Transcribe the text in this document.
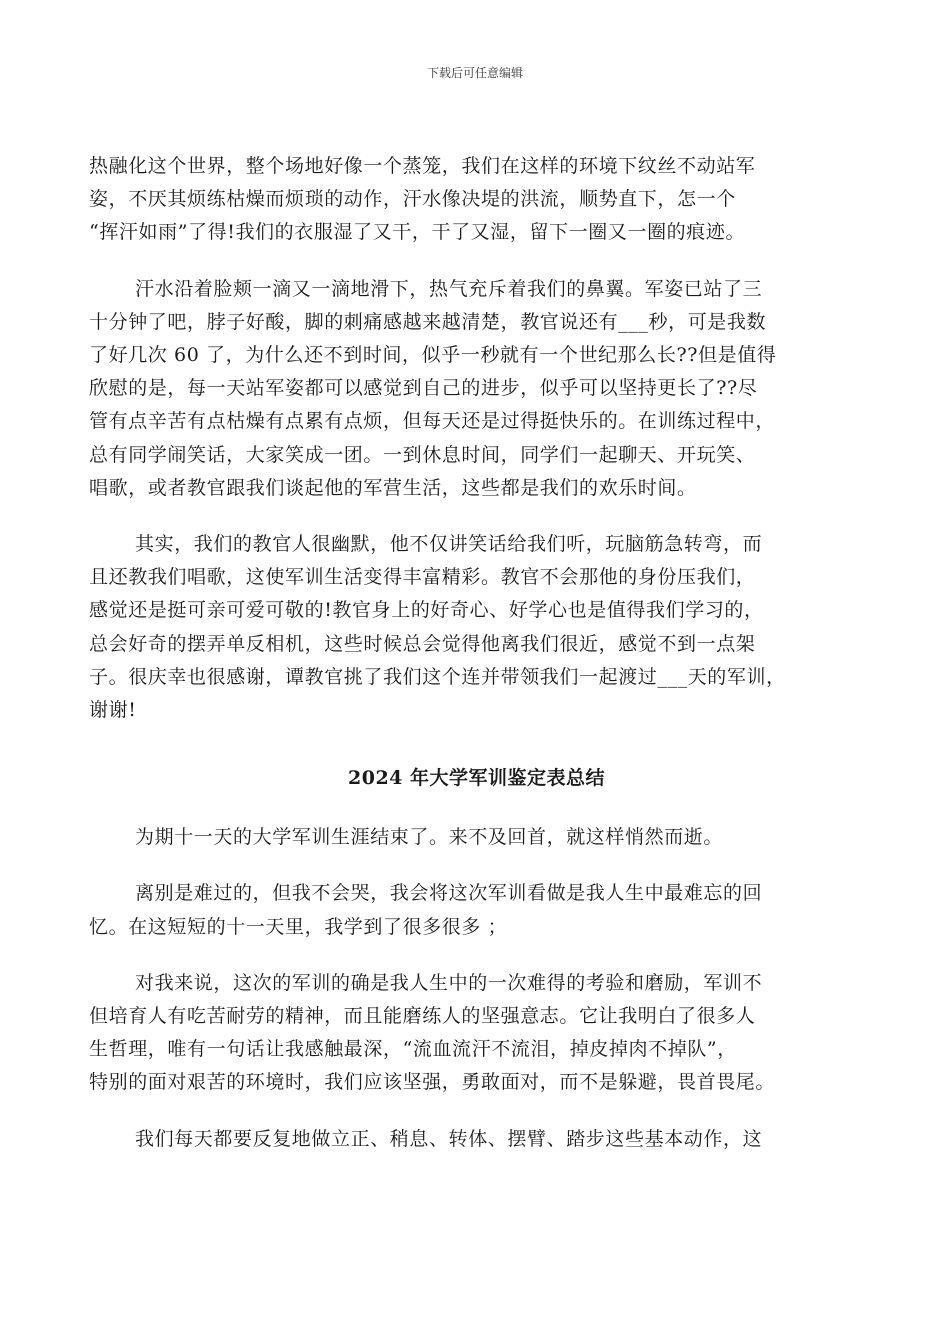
下载后可任意编辑

热融化这个世界，整个场地好像一个蒸笼，我们在这样的环境下纹丝不动站军
姿，不厌其烦练枯燥而烦琐的动作，汗水像决堤的洪流，顺势直下，怎一个
“挥汗如雨”了得!我们的衣服湿了又干，干了又湿，留下一圈又一圈的痕迹。

汗水沿着脸颊一滴又一滴地滑下，热气充斥着我们的鼻翼。军姿已站了三
十分钟了吧，脖子好酸，脚的刺痛感越来越清楚，教官说还有___秒，可是我数
了好几次 60 了，为什么还不到时间，似乎一秒就有一个世纪那么长??但是值得
欣慰的是，每一天站军姿都可以感觉到自己的进步，似乎可以坚持更长了??尽
管有点辛苦有点枯燥有点累有点烦，但每天还是过得挺快乐的。在训练过程中，
总有同学闹笑话，大家笑成一团。一到休息时间，同学们一起聊天、开玩笑、
唱歌，或者教官跟我们谈起他的军营生活，这些都是我们的欢乐时间。

其实，我们的教官人很幽默，他不仅讲笑话给我们听，玩脑筋急转弯，而
且还教我们唱歌，这使军训生活变得丰富精彩。教官不会那他的身份压我们，
感觉还是挺可亲可爱可敬的!教官身上的好奇心、好学心也是值得我们学习的，
总会好奇的摆弄单反相机，这些时候总会觉得他离我们很近，感觉不到一点架
子。很庆幸也很感谢，谭教官挑了我们这个连并带领我们一起渡过___天的军训，
谢谢!

2024 年大学军训鉴定表总结

为期十一天的大学军训生涯结束了。来不及回首，就这样悄然而逝。

离别是难过的，但我不会哭，我会将这次军训看做是我人生中最难忘的回
忆。在这短短的十一天里，我学到了很多很多 ；

对我来说，这次的军训的确是我人生中的一次难得的考验和磨励，军训不
但培育人有吃苦耐劳的精神，而且能磨练人的坚强意志。它让我明白了很多人
生哲理，唯有一句话让我感触最深，“流血流汗不流泪，掉皮掉肉不掉队”，
特别的面对艰苦的环境时，我们应该坚强，勇敢面对，而不是躲避，畏首畏尾。

我们每天都要反复地做立正、稍息、转体、摆臂、踏步这些基本动作，这
